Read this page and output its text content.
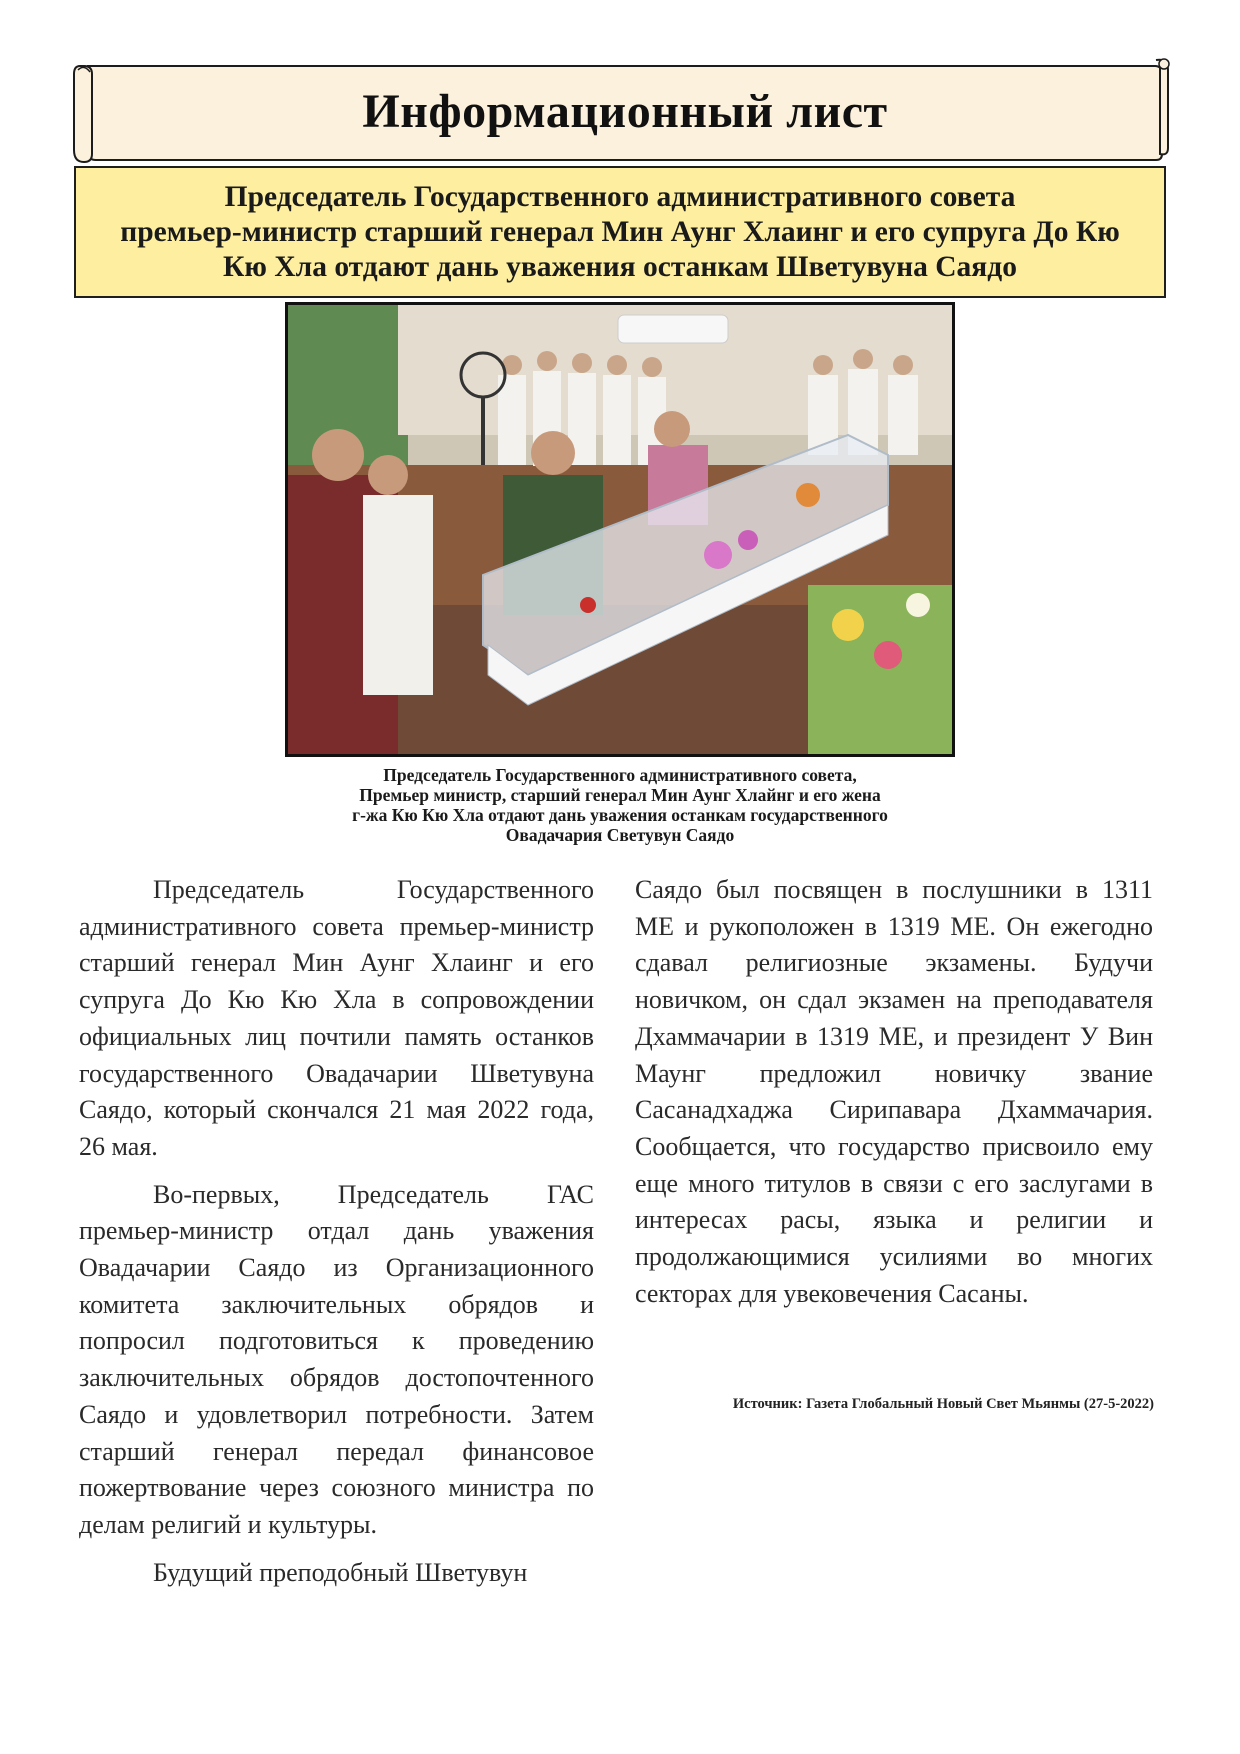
Информационный лист
Председатель Государственного административного совета
премьер-министр старший генерал Мин Аунг Хлаинг и его супруга До Кю
Кю Хла отдают дань уважения останкам Шветувуна Саядо
Председатель Государственного административного совета,
Премьер министр, старший генерал Мин Аунг Хлайнг и его жена
г-жа Кю Кю Хла отдают дань уважения останкам государственного
Овадачария Светувун Саядо

Председатель Государственного административного совета премьер-министр старший генерал Мин Аунг Хлаинг и его супруга До Кю Кю Хла в сопровождении официальных лиц почтили память останков государственного Овадачарии Шветувуна Саядо, который скончался 21 мая 2022 года, 26 мая.

Во-первых, Председатель ГАС премьер-министр отдал дань уважения Овадачарии Саядо из Организационного комитета заключительных обрядов и попросил подготовиться к проведению заключительных обрядов достопочтенного Саядо и удовлетворил потребности. Затем старший генерал передал финансовое пожертвование через союзного министра по делам религий и культуры.

Будущий преподобный Шветувун

Саядо был посвящен в послушники в 1311 МЕ и рукоположен в 1319 МЕ. Он ежегодно сдавал религиозные экзамены. Будучи новичком, он сдал экзамен на преподавателя Дхаммачарии в 1319 МЕ, и президент У Вин Маунг предложил новичку звание Сасанадхаджа Сирипавара Дхаммачария. Сообщается, что государство присвоило ему еще много титулов в связи с его заслугами в интересах расы, языка и религии и продолжающимися усилиями во многих секторах для увековечения Сасаны.

Источник: Газета Глобальный Новый Свет Мьянмы (27-5-2022)
